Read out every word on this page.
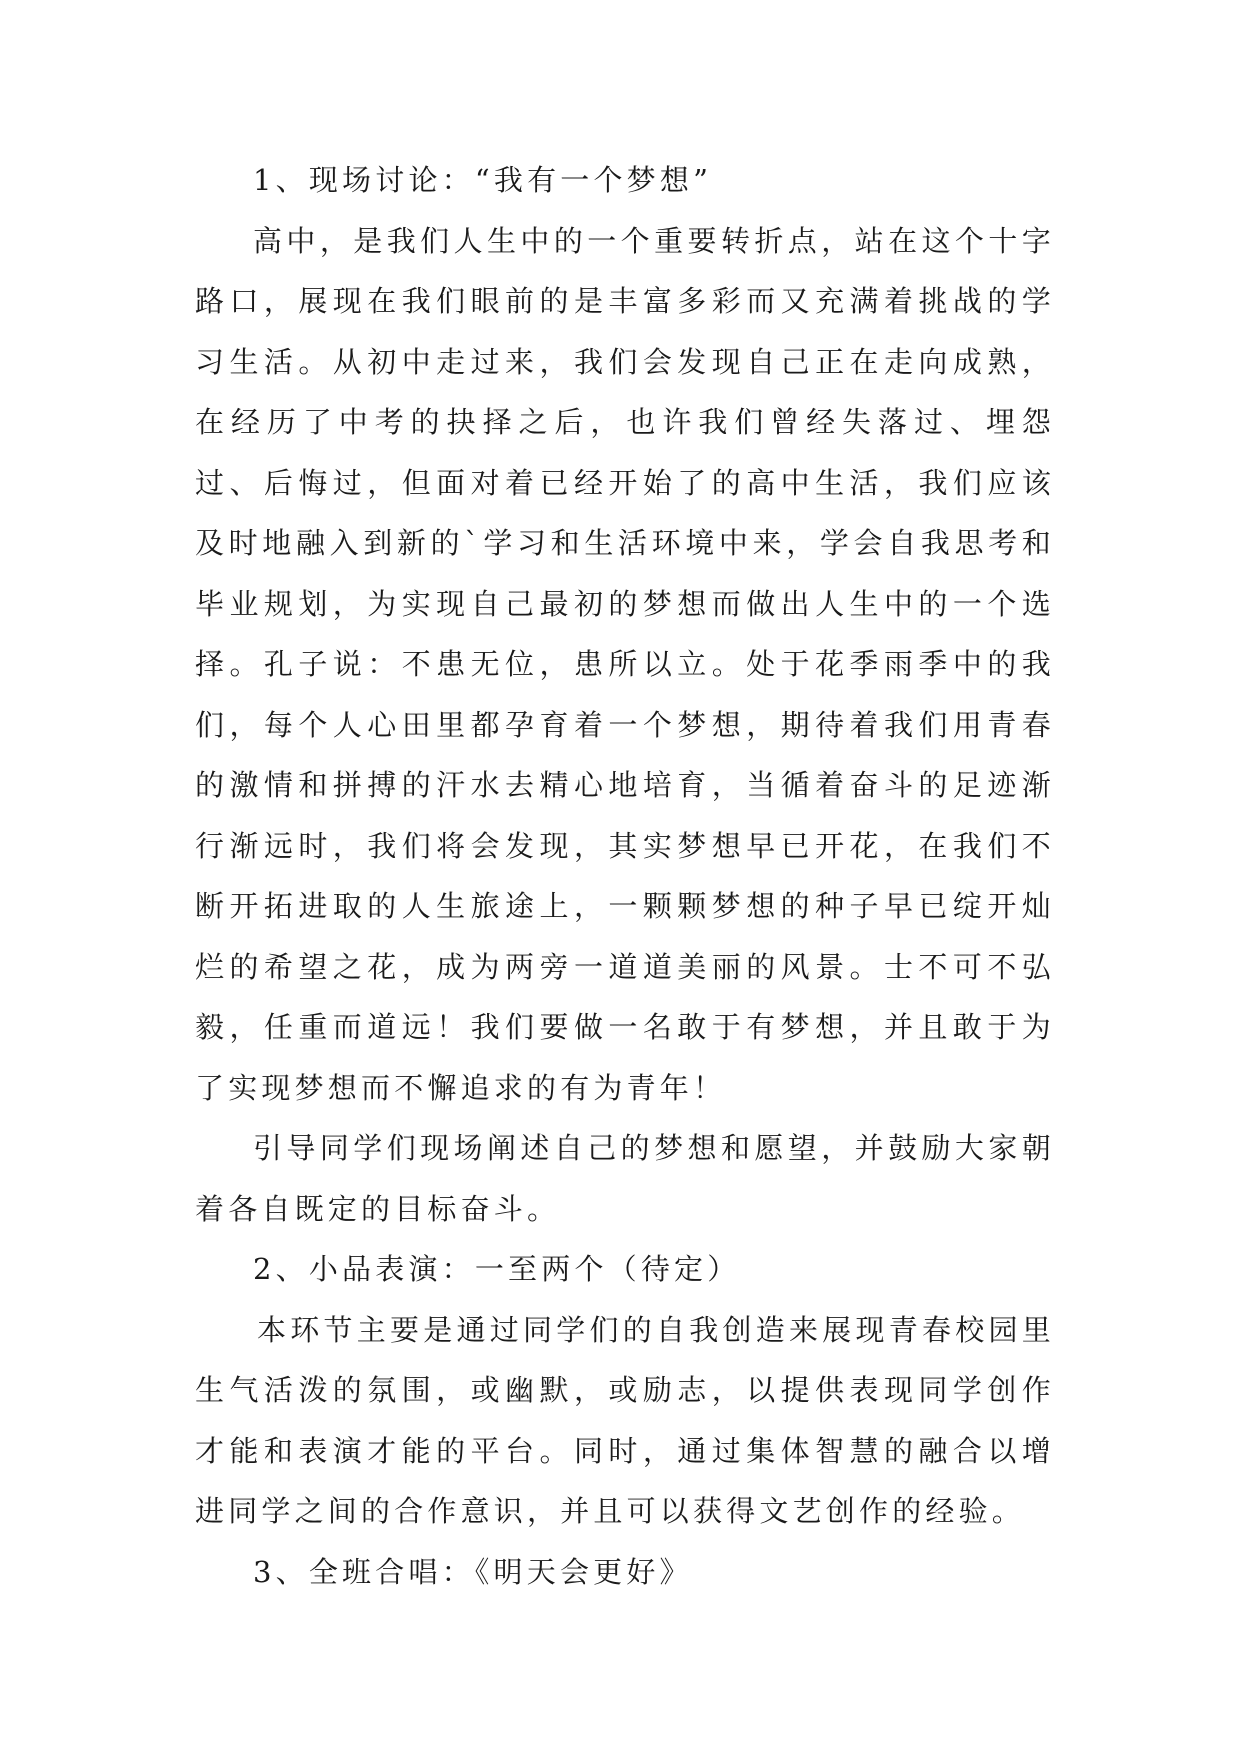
1、现场讨论：“我有一个梦想”

高中，是我们人生中的一个重要转折点，站在这个十字路口，展现在我们眼前的是丰富多彩而又充满着挑战的学习生活。从初中走过来，我们会发现自己正在走向成熟，在经历了中考的抉择之后，也许我们曾经失落过、埋怨过、后悔过，但面对着已经开始了的高中生活，我们应该及时地融入到新的`学习和生活环境中来，学会自我思考和毕业规划，为实现自己最初的梦想而做出人生中的一个选择。孔子说：不患无位，患所以立。处于花季雨季中的我们，每个人心田里都孕育着一个梦想，期待着我们用青春的激情和拼搏的汗水去精心地培育，当循着奋斗的足迹渐行渐远时，我们将会发现，其实梦想早已开花，在我们不断开拓进取的人生旅途上，一颗颗梦想的种子早已绽开灿烂的希望之花，成为两旁一道道美丽的风景。士不可不弘毅，任重而道远！我们要做一名敢于有梦想，并且敢于为了实现梦想而不懈追求的有为青年！

引导同学们现场阐述自己的梦想和愿望，并鼓励大家朝着各自既定的目标奋斗。

2、小品表演：一至两个（待定）

本环节主要是通过同学们的自我创造来展现青春校园里生气活泼的氛围，或幽默，或励志，以提供表现同学创作才能和表演才能的平台。同时，通过集体智慧的融合以增进同学之间的合作意识，并且可以获得文艺创作的经验。

3、全班合唱：《明天会更好》
